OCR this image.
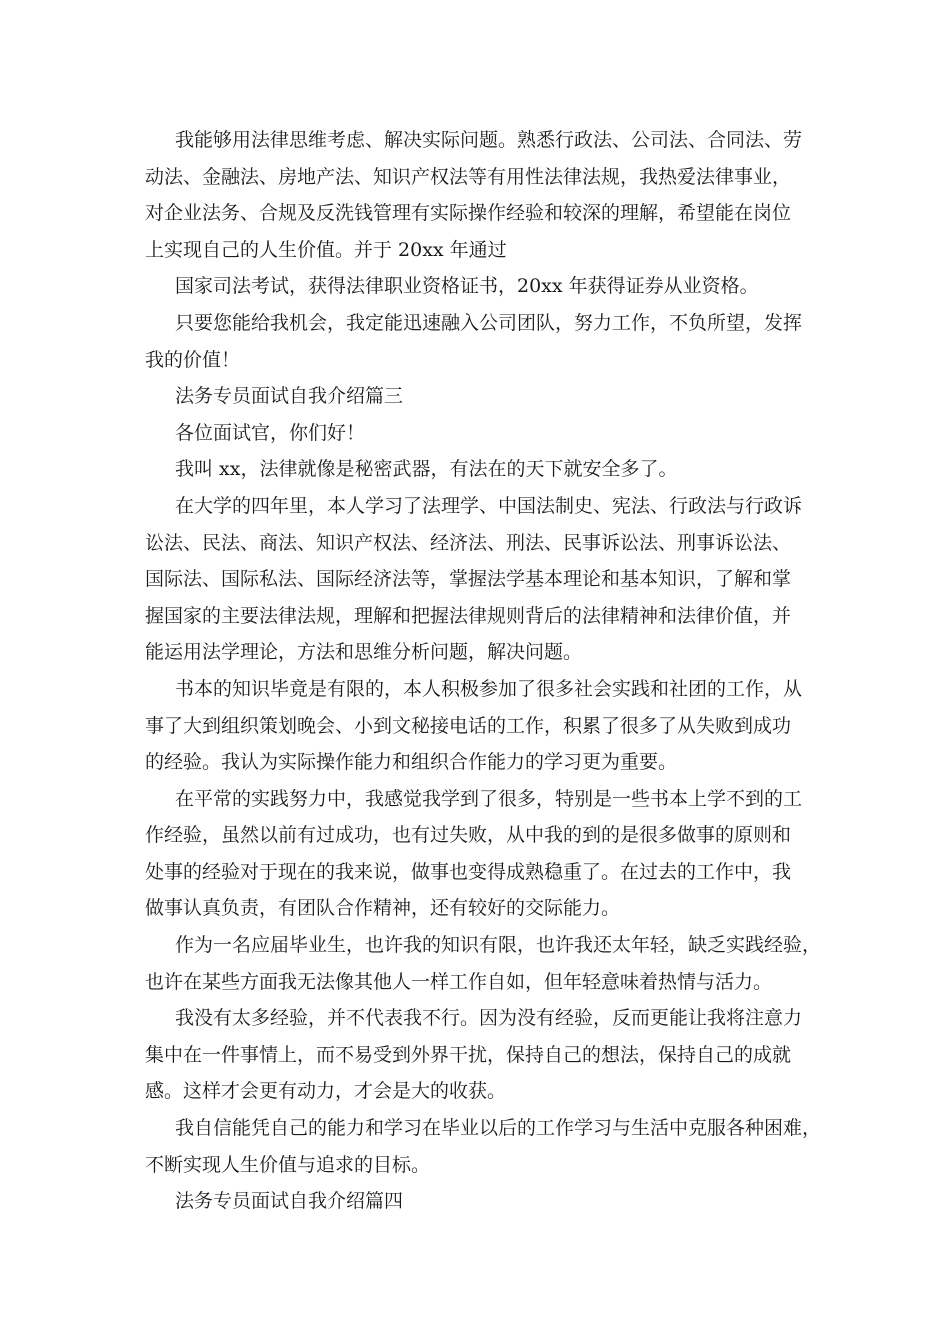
我能够用法律思维考虑、解决实际问题。熟悉行政法、公司法、合同法、劳
动法、金融法、房地产法、知识产权法等有用性法律法规，我热爱法律事业，
对企业法务、合规及反洗钱管理有实际操作经验和较深的理解，希望能在岗位
上实现自己的人生价值。并于 20xx 年通过
国家司法考试，获得法律职业资格证书，20xx 年获得证券从业资格。
只要您能给我机会，我定能迅速融入公司团队，努力工作，不负所望，发挥
我的价值！
法务专员面试自我介绍篇三
各位面试官，你们好！
我叫 xx，法律就像是秘密武器，有法在的天下就安全多了。
在大学的四年里，本人学习了法理学、中国法制史、宪法、行政法与行政诉
讼法、民法、商法、知识产权法、经济法、刑法、民事诉讼法、刑事诉讼法、
国际法、国际私法、国际经济法等，掌握法学基本理论和基本知识，了解和掌
握国家的主要法律法规，理解和把握法律规则背后的法律精神和法律价值，并
能运用法学理论，方法和思维分析问题，解决问题。
书本的知识毕竟是有限的，本人积极参加了很多社会实践和社团的工作，从
事了大到组织策划晚会、小到文秘接电话的工作，积累了很多了从失败到成功
的经验。我认为实际操作能力和组织合作能力的学习更为重要。
在平常的实践努力中，我感觉我学到了很多，特别是一些书本上学不到的工
作经验，虽然以前有过成功，也有过失败，从中我的到的是很多做事的原则和
处事的经验对于现在的我来说，做事也变得成熟稳重了。在过去的工作中，我
做事认真负责，有团队合作精神，还有较好的交际能力。
作为一名应届毕业生，也许我的知识有限，也许我还太年轻，缺乏实践经验，
也许在某些方面我无法像其他人一样工作自如，但年轻意味着热情与活力。
我没有太多经验，并不代表我不行。因为没有经验，反而更能让我将注意力
集中在一件事情上，而不易受到外界干扰，保持自己的想法，保持自己的成就
感。这样才会更有动力，才会是大的收获。
我自信能凭自己的能力和学习在毕业以后的工作学习与生活中克服各种困难，
不断实现人生价值与追求的目标。
法务专员面试自我介绍篇四
